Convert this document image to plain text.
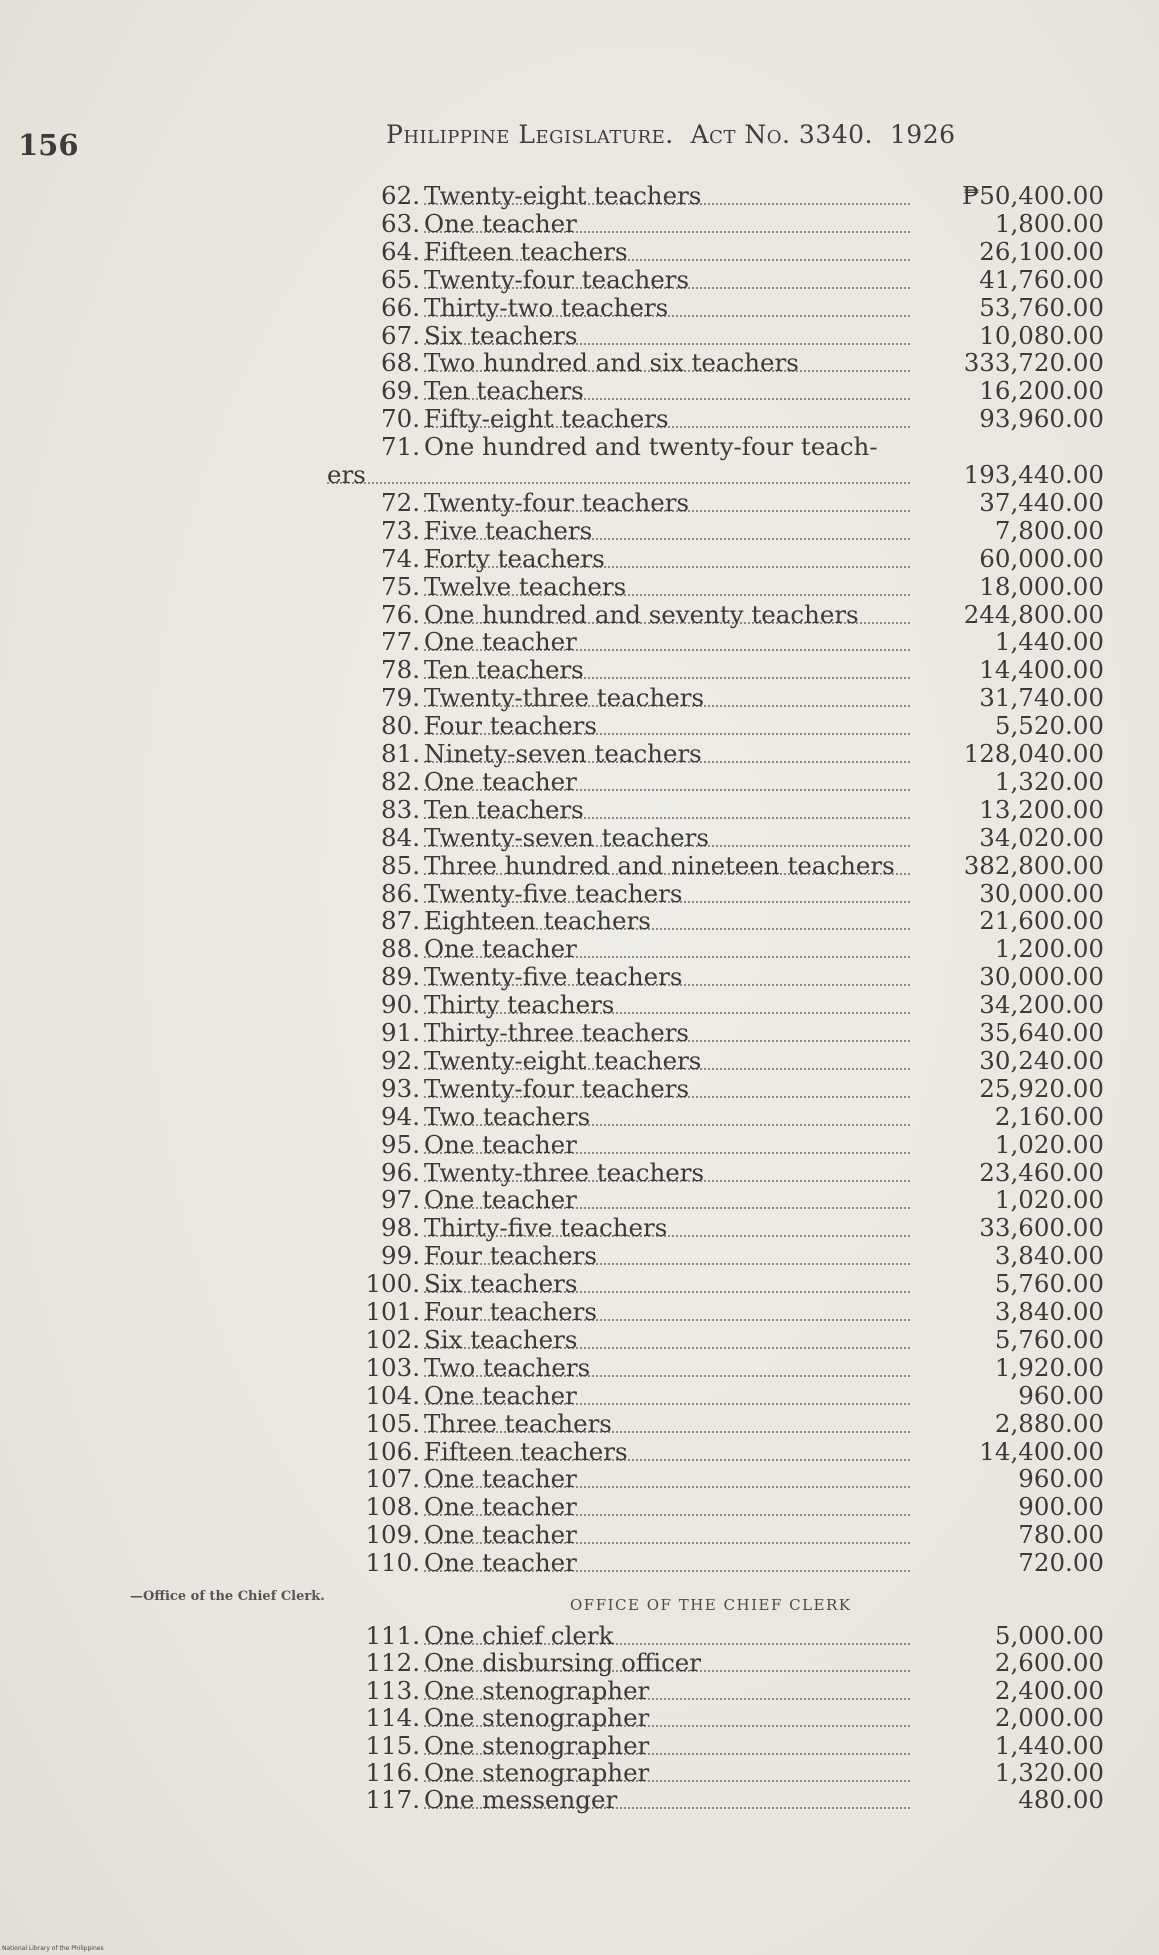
156	Philippine Legislature. Act No. 3340. 1926
62. Twenty-eight teachers	₱50,400.00
63. One teacher	1,800.00
64. Fifteen teachers	26,100.00
65. Twenty-four teachers	41,760.00
66. Thirty-two teachers	53,760.00
67. Six teachers	10,080.00
68. Two hundred and six teachers	333,720.00
69. Ten teachers	16,200.00
70. Fifty-eight teachers	93,960.00
71. One hundred and twenty-four teach-
ers	193,440.00
72. Twenty-four teachers	37,440.00
73. Five teachers	7,800.00
74. Forty teachers	60,000.00
75. Twelve teachers	18,000.00
76. One hundred and seventy teachers	244,800.00
77. One teacher	1,440.00
78. Ten teachers	14,400.00
79. Twenty-three teachers	31,740.00
80. Four teachers	5,520.00
81. Ninety-seven teachers	128,040.00
82. One teacher	1,320.00
83. Ten teachers	13,200.00
84. Twenty-seven teachers	34,020.00
85. Three hundred and nineteen teachers	382,800.00
86. Twenty-five teachers	30,000.00
87. Eighteen teachers	21,600.00
88. One teacher	1,200.00
89. Twenty-five teachers	30,000.00
90. Thirty teachers	34,200.00
91. Thirty-three teachers	35,640.00
92. Twenty-eight teachers	30,240.00
93. Twenty-four teachers	25,920.00
94. Two teachers	2,160.00
95. One teacher	1,020.00
96. Twenty-three teachers	23,460.00
97. One teacher	1,020.00
98. Thirty-five teachers	33,600.00
99. Four teachers	3,840.00
100. Six teachers	5,760.00
101. Four teachers	3,840.00
102. Six teachers	5,760.00
103. Two teachers	1,920.00
104. One teacher	960.00
105. Three teachers	2,880.00
106. Fifteen teachers	14,400.00
107. One teacher	960.00
108. One teacher	900.00
109. One teacher	780.00
110. One teacher	720.00
—Office of the Chief Clerk.	OFFICE OF THE CHIEF CLERK
111. One chief clerk	5,000.00
112. One disbursing officer	2,600.00
113. One stenographer	2,400.00
114. One stenographer	2,000.00
115. One stenographer	1,440.00
116. One stenographer	1,320.00
117. One messenger	480.00
National Library of the Philippines
